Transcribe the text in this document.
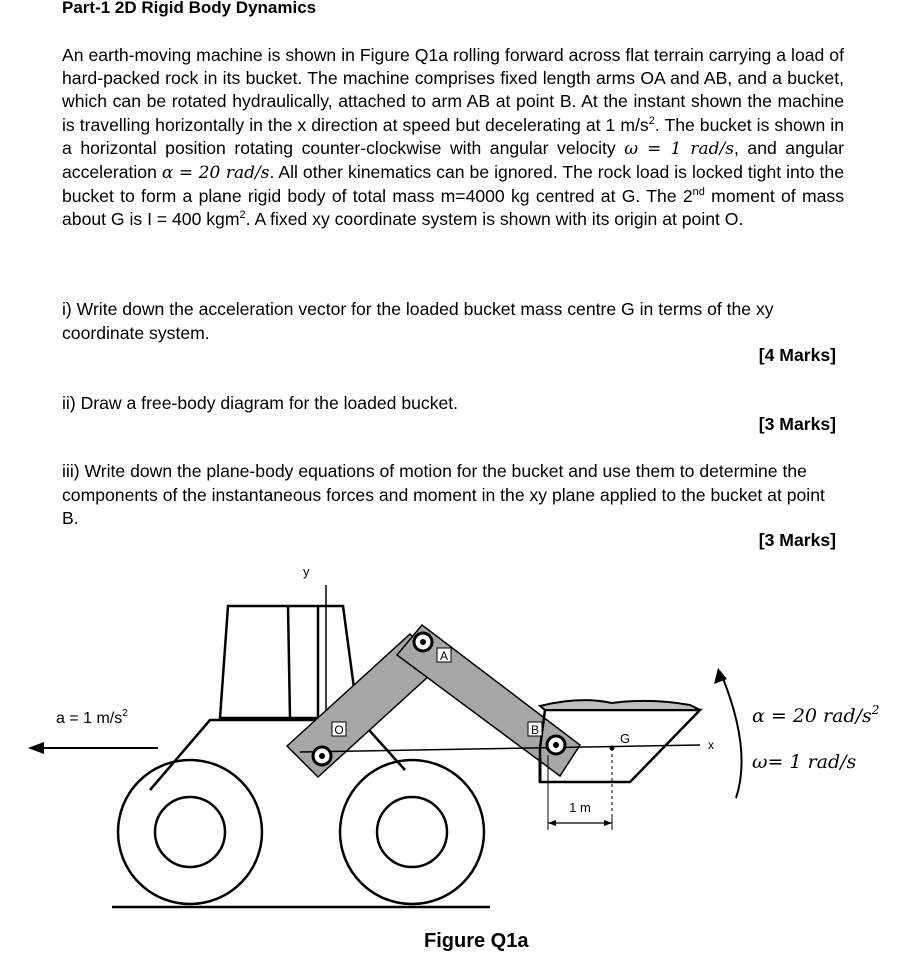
Part-1 2D Rigid Body Dynamics
An earth-moving machine is shown in Figure Q1a rolling forward across flat terrain carrying a load of hard-packed rock in its bucket. The machine comprises fixed length arms OA and AB, and a bucket, which can be rotated hydraulically, attached to arm AB at point B. At the instant shown the machine is travelling horizontally in the x direction at speed but decelerating at 1 $m/s^2$. The bucket is shown in a horizontal position rotating counter-clockwise with angular velocity ω = 1 rad/s, and angular acceleration α = 20 rad/s. All other kinematics can be ignored. The rock load is locked tight into the bucket to form a plane rigid body of total mass m=4000 kg centred at G. The 2nd moment of mass about G is I = 400 kgm$^2$. A fixed xy coordinate system is shown with its origin at point O.
i) Write down the acceleration vector for the loaded bucket mass centre G in terms of the xy coordinate system.
[4 Marks]
ii) Draw a free-body diagram for the loaded bucket.
[3 Marks]
iii) Write down the plane-body equations of motion for the bucket and use them to determine the components of the instantaneous forces and moment in the xy plane applied to the bucket at point B.
[3 Marks]
O
A
B
G	x
y
1 m
a = 1 $m/s^2$	α = 20 rad/$s^2$
ω= 1 rad/s
Figure Q1a
